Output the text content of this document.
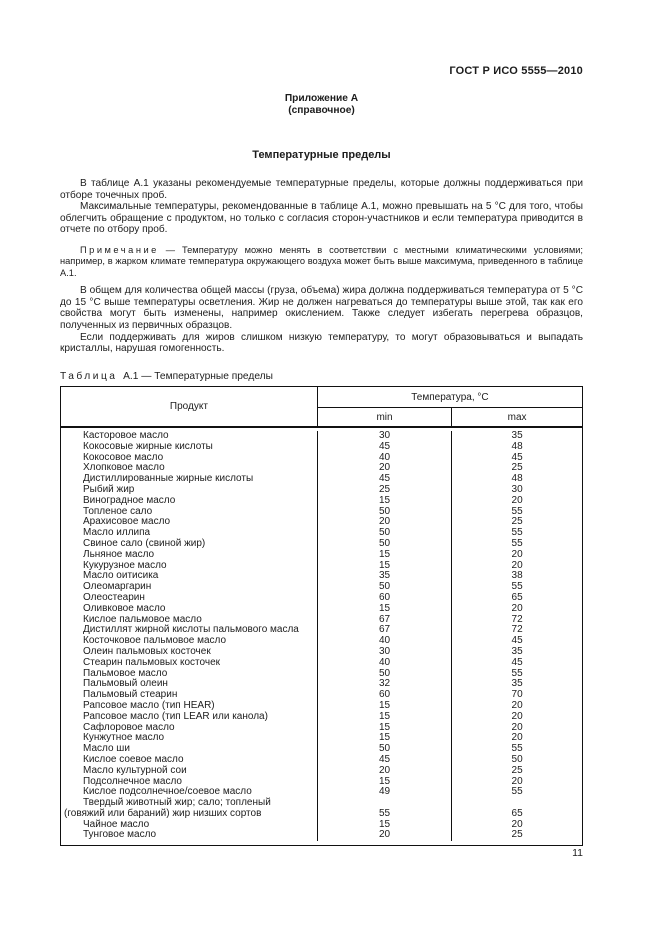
ГОСТ Р ИСО 5555—2010
Приложение А
(справочное)
Температурные пределы

В таблице А.1 указаны рекомендуемые температурные пределы, которые должны поддерживаться при отборе точечных проб.

Максимальные температуры, рекомендованные в таблице А.1, можно превышать на 5 °С для того, чтобы облегчить обращение с продуктом, но только с согласия сторон-участников и если температура приводится в отчете по отбору проб.

Примечание — Температуру можно менять в соответствии с местными климатическими условиями; например, в жарком климате температура окружающего воздуха может быть выше максимума, приведенного в таблице А.1.

В общем для количества общей массы (груза, объема) жира должна поддерживаться температура от 5 °С до 15 °С выше температуры осветления. Жир не должен нагреваться до температуры выше этой, так как его свойства могут быть изменены, например окислением. Также следует избегать перегрева образцов, полученных из первичных образцов.

Если поддерживать для жиров слишком низкую температуру, то могут образовываться и выпадать кристаллы, нарушая гомогенность.

Таблица А.1 — Температурные пределы
Продукт
Температура, °С
min	max
Касторовое масло	30	35
Кокосовые жирные кислоты	45	48
Кокосовое масло	40	45
Хлопковое масло	20	25
Дистиллированные жирные кислоты	45	48
Рыбий жир	25	30
Виноградное масло	15	20
Топленое сало	50	55
Арахисовое масло	20	25
Масло иллипа	50	55
Свиное сало (свиной жир)	50	55
Льняное масло	15	20
Кукурузное масло	15	20
Масло оитисика	35	38
Олеомаргарин	50	55
Олеостеарин	60	65
Оливковое масло	15	20
Кислое пальмовое масло	67	72
Дистиллят жирной кислоты пальмового масла	67	72
Косточковое пальмовое масло	40	45
Олеин пальмовых косточек	30	35
Стеарин пальмовых косточек	40	45
Пальмовое масло	50	55
Пальмовый олеин	32	35
Пальмовый стеарин	60	70
Рапсовое масло (тип HEAR)	15	20
Рапсовое масло (тип LEAR или канола)	15	20
Сафлоровое масло	15	20
Кунжутное масло	15	20
Масло ши	50	55
Кислое соевое масло	45	50
Масло культурной сои	20	25
Подсолнечное масло	15	20
Кислое подсолнечное/соевое масло	49	55
Твердый животный жир; сало; топленый (говяжий или бараний) жир низших сортов	55	65
Чайное масло	15	20
Тунговое масло	20	25
11
